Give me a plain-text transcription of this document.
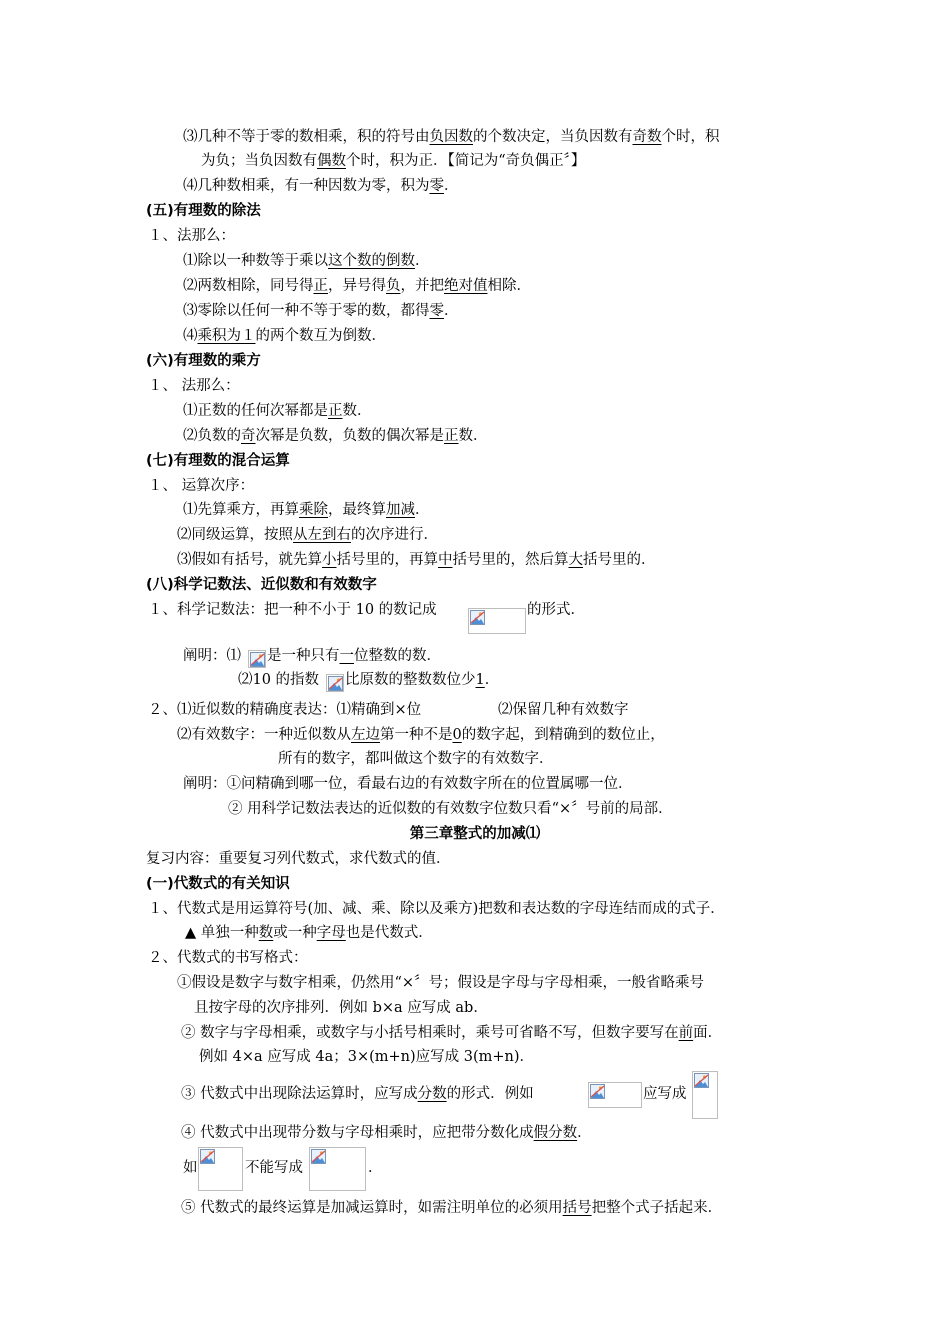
⑶几种不等于零的数相乘，积的符号由负因数的个数决定，当负因数有奇数个时，积
为负；当负因数有偶数个时，积为正．【简记为“奇负偶正〞】
⑷几种数相乘，有一种因数为零，积为零．
(五)有理数的除法
１、法那么：
⑴除以一种数等于乘以这个数的倒数．
⑵两数相除，同号得正，异号得负，并把绝对值相除．
⑶零除以任何一种不等于零的数，都得零．
⑷乘积为１的两个数互为倒数．
(六)有理数的乘方
１、 法那么：
⑴正数的任何次幂都是正数．
⑵负数的奇次幂是负数，负数的偶次幂是正数．
(七)有理数的混合运算
１、 运算次序：
⑴先算乘方，再算乘除，最终算加减．
⑵同级运算，按照从左到右的次序进行．
⑶假如有括号，就先算小括号里的，再算中括号里的，然后算大括号里的．
(八)科学记数法、近似数和有效数字
１、科学记数法：把一种不小于 10 的数记成	的形式．
阐明：⑴ 是一种只有一位整数的数．
⑵10 的指数 比原数的整数数位少1．
２、⑴近似数的精确度表达：⑴精确到×位	⑵保留几种有效数字
⑵有效数字：一种近似数从左边第一种不是0的数字起，到精确到的数位止，
所有的数字，都叫做这个数字的有效数字．
阐明：①问精确到哪一位，看最右边的有效数字所在的位置属哪一位．
② 用科学记数法表达的近似数的有效数字位数只看“×〞号前的局部．
第三章整式的加减⑴
复习内容：重要复习列代数式，求代数式的值．
(一)代数式的有关知识
１、代数式是用运算符号(加、减、乘、除以及乘方)把数和表达数的字母连结而成的式子．
▲ 单独一种数或一种字母也是代数式．
２、代数式的书写格式：
①假设是数字与数字相乘，仍然用“×〞号；假设是字母与字母相乘，一般省略乘号
且按字母的次序排列．例如 b×a 应写成 ab．
② 数字与字母相乘，或数字与小括号相乘时，乘号可省略不写，但数字要写在前面．
例如 4×a 应写成 4a；3×(m+n)应写成 3(m+n)．
③ 代数式中出现除法运算时，应写成分数的形式．例如	应写成
④ 代数式中出现带分数与字母相乘时，应把带分数化成假分数．
如	不能写成	．
⑤ 代数式的最终运算是加减运算时，如需注明单位的必须用括号把整个式子括起来．
